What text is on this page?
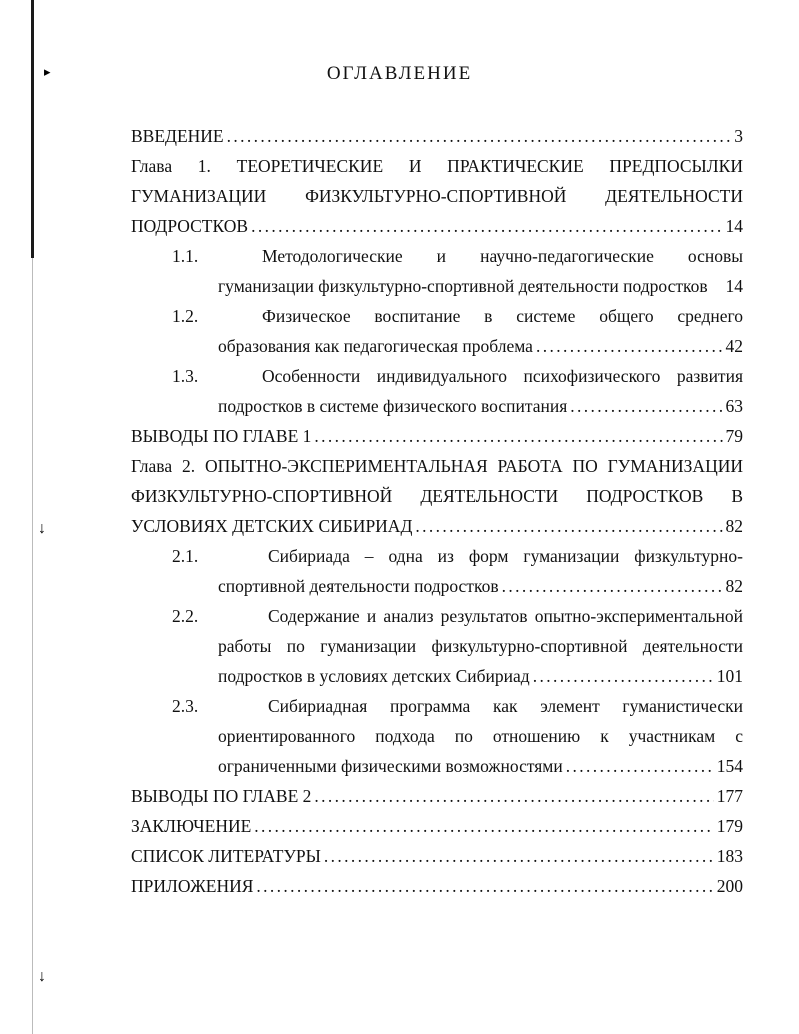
▸
↓
↓
ОГЛАВЛЕНИЕ
ВВЕДЕНИЕ . . .	3
Глава 1. ТЕОРЕТИЧЕСКИЕ И ПРАКТИЧЕСКИЕ ПРЕДПОСЫЛКИ
ГУМАНИЗАЦИИ ФИЗКУЛЬТУРНО-СПОРТИВНОЙ ДЕЯТЕЛЬНОСТИ
ПОДРОСТКОВ . . .	14
1.1.	Методологические и научно-педагогические основы
гуманизации физкультурно-спортивной деятельности подростков 14
1.2.	Физическое воспитание в системе общего среднего
образования как педагогическая проблема . . .	42
1.3.	Особенности индивидуального психофизического развития
подростков в системе физического воспитания . . .	63
ВЫВОДЫ ПО ГЛАВЕ 1 . . .	79
Глава 2. ОПЫТНО-ЭКСПЕРИМЕНТАЛЬНАЯ РАБОТА ПО ГУМАНИЗАЦИИ
ФИЗКУЛЬТУРНО-СПОРТИВНОЙ ДЕЯТЕЛЬНОСТИ ПОДРОСТКОВ В
УСЛОВИЯХ ДЕТСКИХ СИБИРИАД . . .	82
2.1.	Сибириада – одна из форм гуманизации физкультурно-
спортивной деятельности подростков . . .	82
2.2.	Содержание и анализ результатов опытно-экспериментальной
работы по гуманизации физкультурно-спортивной деятельности
подростков в условиях детских Сибириад . . .	101
2.3.	Сибириадная программа как элемент гуманистически
ориентированного подхода по отношению к участникам с
ограниченными физическими возможностями . . .	154
ВЫВОДЫ ПО ГЛАВЕ 2 . . .	177
ЗАКЛЮЧЕНИЕ . . .	179
СПИСОК ЛИТЕРАТУРЫ . . .	183
ПРИЛОЖЕНИЯ . . .	200
